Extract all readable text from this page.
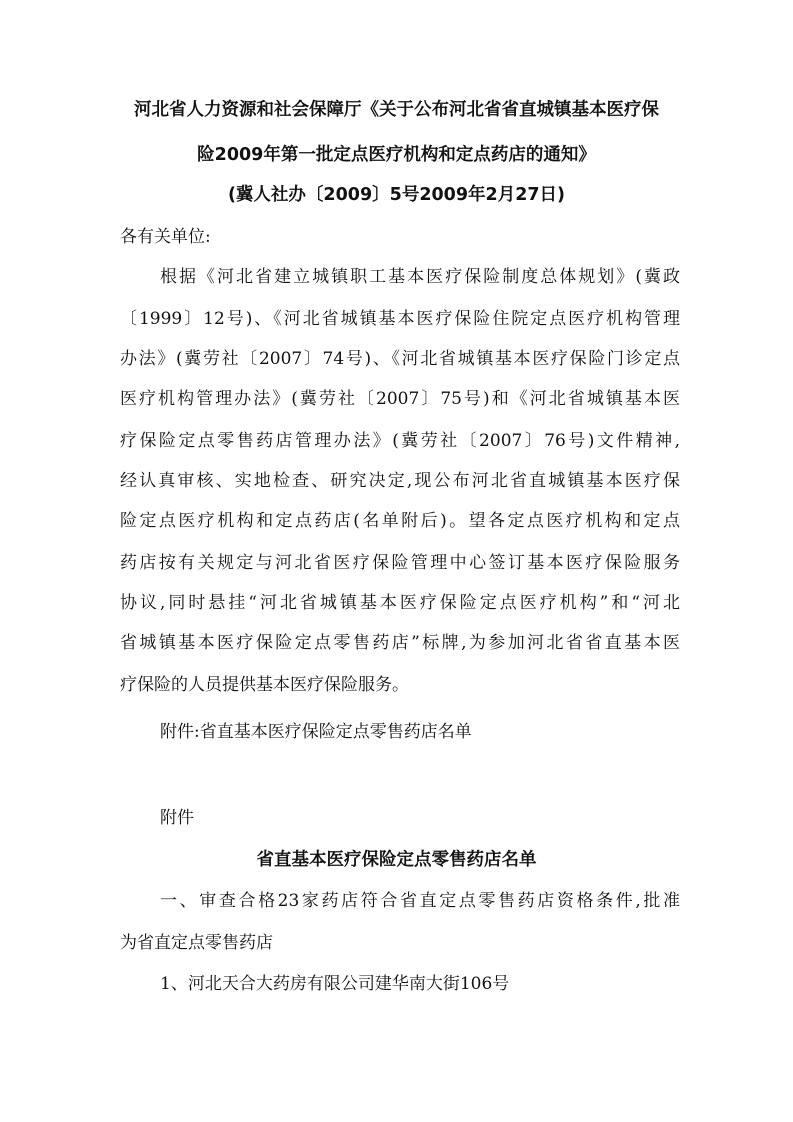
河北省人力资源和社会保障厅《关于公布河北省省直城镇基本医疗保
险2009年第一批定点医疗机构和定点药店的通知》
(冀人社办〔2009〕5号2009年2月27日)
各有关单位:
根据《河北省建立城镇职工基本医疗保险制度总体规划》(冀政
〔1999〕12号)、《河北省城镇基本医疗保险住院定点医疗机构管理
办法》(冀劳社〔2007〕74号)、《河北省城镇基本医疗保险门诊定点
医疗机构管理办法》(冀劳社〔2007〕75号)和《河北省城镇基本医
疗保险定点零售药店管理办法》(冀劳社〔2007〕76号)文件精神,
经认真审核、实地检查、研究决定,现公布河北省直城镇基本医疗保
险定点医疗机构和定点药店(名单附后)。望各定点医疗机构和定点
药店按有关规定与河北省医疗保险管理中心签订基本医疗保险服务
协议,同时悬挂“河北省城镇基本医疗保险定点医疗机构”和“河北
省城镇基本医疗保险定点零售药店”标牌,为参加河北省省直基本医
疗保险的人员提供基本医疗保险服务。
附件:省直基本医疗保险定点零售药店名单
附件
省直基本医疗保险定点零售药店名单
一、审查合格23家药店符合省直定点零售药店资格条件,批准
为省直定点零售药店
1、河北天合大药房有限公司建华南大街106号
